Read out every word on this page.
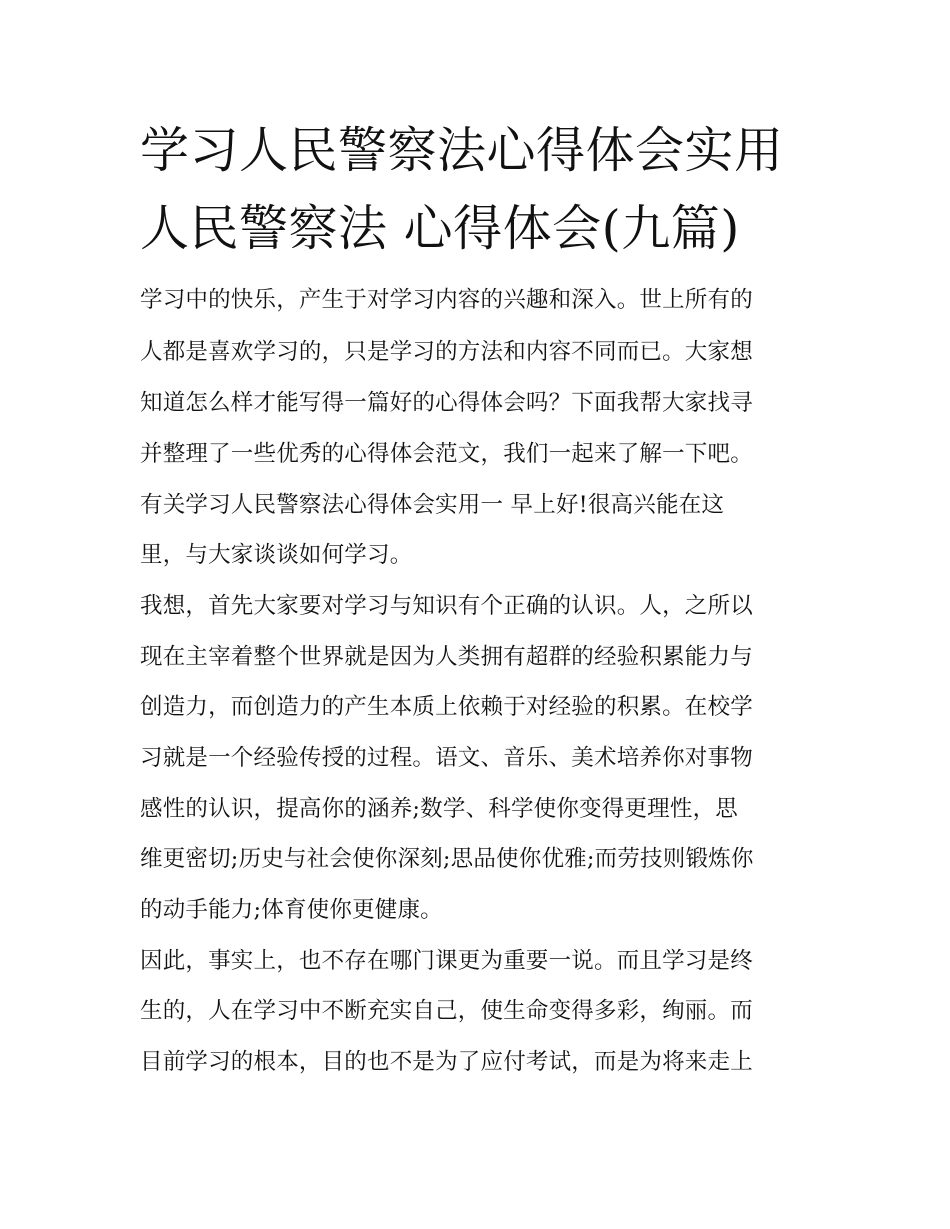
学习人民警察法心得体会实用
人民警察法 心得体会(九篇)
学习中的快乐，产生于对学习内容的兴趣和深入。世上所有的
人都是喜欢学习的，只是学习的方法和内容不同而已。大家想
知道怎么样才能写得一篇好的心得体会吗？下面我帮大家找寻
并整理了一些优秀的心得体会范文，我们一起来了解一下吧。
有关学习人民警察法心得体会实用一 早上好!很高兴能在这
里，与大家谈谈如何学习。
我想，首先大家要对学习与知识有个正确的认识。人，之所以
现在主宰着整个世界就是因为人类拥有超群的经验积累能力与
创造力，而创造力的产生本质上依赖于对经验的积累。在校学
习就是一个经验传授的过程。语文、音乐、美术培养你对事物
感性的认识，提高你的涵养;数学、科学使你变得更理性，思
维更密切;历史与社会使你深刻;思品使你优雅;而劳技则锻炼你
的动手能力;体育使你更健康。
因此，事实上，也不存在哪门课更为重要一说。而且学习是终
生的，人在学习中不断充实自己，使生命变得多彩，绚丽。而
目前学习的根本，目的也不是为了应付考试，而是为将来走上
